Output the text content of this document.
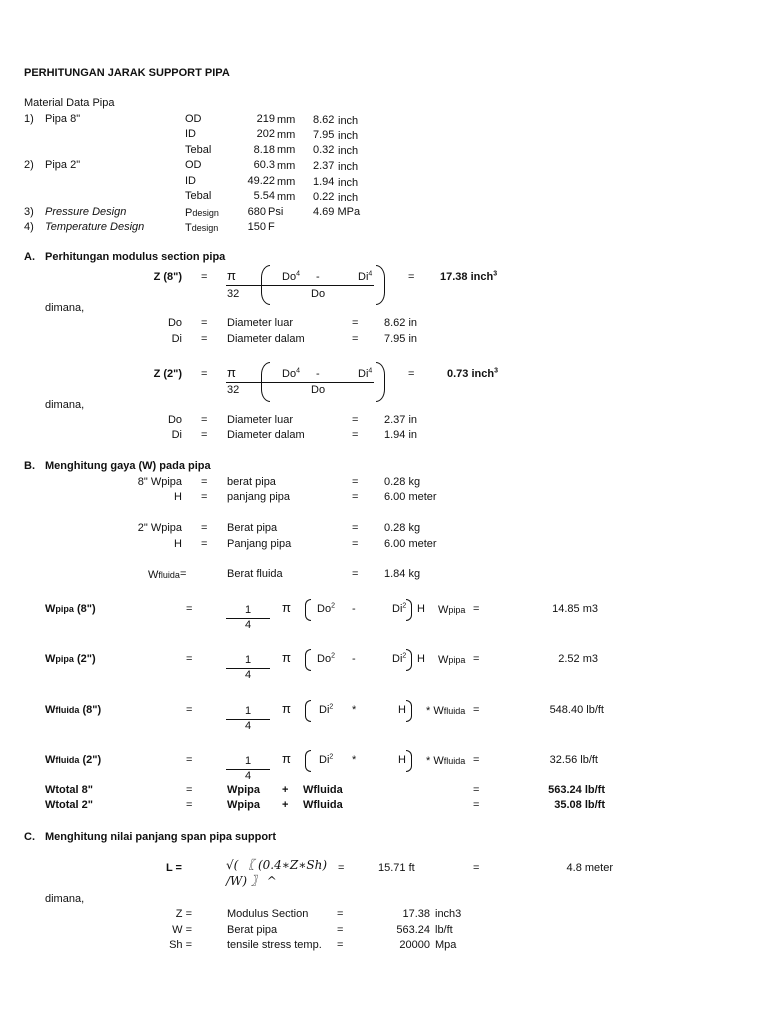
PERHITUNGAN JARAK SUPPORT PIPA
Material Data Pipa
1) Pipa 8"	OD	219 mm 8.62 inch
ID	202 mm 7.95 inch
Tebal	8.18 mm 0.32 inch
2) Pipa 2"	OD	60.3 mm 2.37 inch
ID	49.22 mm 1.94 inch
Tebal	5.54 mm 0.22 inch
3) Pressure Design	Pdesign	680 Psi	4.69 MPa
4) Temperature Design	Tdesign	150 F
A. Perhitungan modulus section pipa
Z (8") = π
32
Do$^4$ -	Di$^4$
Do
= 17.38 inch$^3$
dimana,
Do = Diameter luar	= 8.62 in
Di = Diameter dalam	= 7.95 in
Z (2") = π
32
Do$^4$ -	Di$^4$
Do
=	0.73 inch$^3$
dimana,
Do = Diameter luar	= 2.37 in
Di = Diameter dalam	= 1.94 in
B. Menghitung gaya (W) pada pipa
8" Wpipa = berat pipa	= 0.28 kg
H = panjang pipa	= 6.00 meter
2" Wpipa = Berat pipa	= 0.28 kg
H = Panjang pipa	= 6.00 meter
Wfluida =	Berat fluida	= 1.84 kg
Wpipa (8")	=	1
4
π Do$^2$ -	Di$^2$ H Wpipa =	14.85 m3
Wpipa (2")	=	1
4
π Do$^2$ -	Di$^2$ H Wpipa =	2.52 m3
Wfluida (8")	=	1
4
π	Di$^2$ *	H * Wfluida =	548.40 lb/ft
Wfluida (2")	=	1
4
π	Di$^2$ *	H * Wfluida =	32.56 lb/ft
Wtotal 8"	=	Wpipa + Wfluida	=	563.24 lb/ft
Wtotal 2"	=	Wpipa + Wfluida	=	35.08 lb/ft
C. Menghitung nilai panjang span pipa support
L =	√( 〖 (0.4∗Z∗Sh)
/W) 〗 ^
=	15.71 ft	=	4.8 meter
dimana,
Z =	Modulus Section	=	17.38 inch3
W =	Berat pipa	=	563.24 lb/ft
Sh =	tensile stress temp. =	20000 Mpa
